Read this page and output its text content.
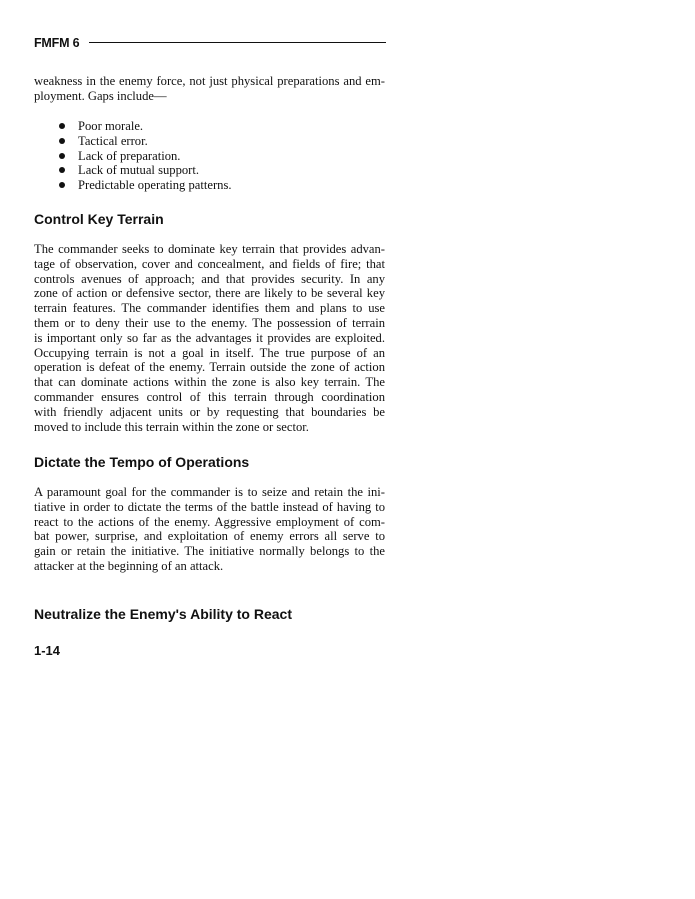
FMFM 6
weakness in the enemy force, not just physical preparations and em-
ployment. Gaps include—
Poor morale.
Tactical error.
Lack of preparation.
Lack of mutual support.
Predictable operating patterns.
Control Key Terrain
The commander seeks to dominate key terrain that provides advan-
tage of observation, cover and concealment, and fields of fire; that
controls avenues of approach; and that provides security. In any
zone of action or defensive sector, there are likely to be several key
terrain features. The commander identifies them and plans to use
them or to deny their use to the enemy. The possession of terrain
is important only so far as the advantages it provides are exploited.
Occupying terrain is not a goal in itself. The true purpose of an
operation is defeat of the enemy. Terrain outside the zone of action
that can dominate actions within the zone is also key terrain. The
commander ensures control of this terrain through coordination
with friendly adjacent units or by requesting that boundaries be
moved to include this terrain within the zone or sector.
Dictate the Tempo of Operations
A paramount goal for the commander is to seize and retain the ini-
tiative in order to dictate the terms of the battle instead of having to
react to the actions of the enemy. Aggressive employment of com-
bat power, surprise, and exploitation of enemy errors all serve to
gain or retain the initiative. The initiative normally belongs to the
attacker at the beginning of an attack.
Neutralize the Enemy's Ability to React
1-14
